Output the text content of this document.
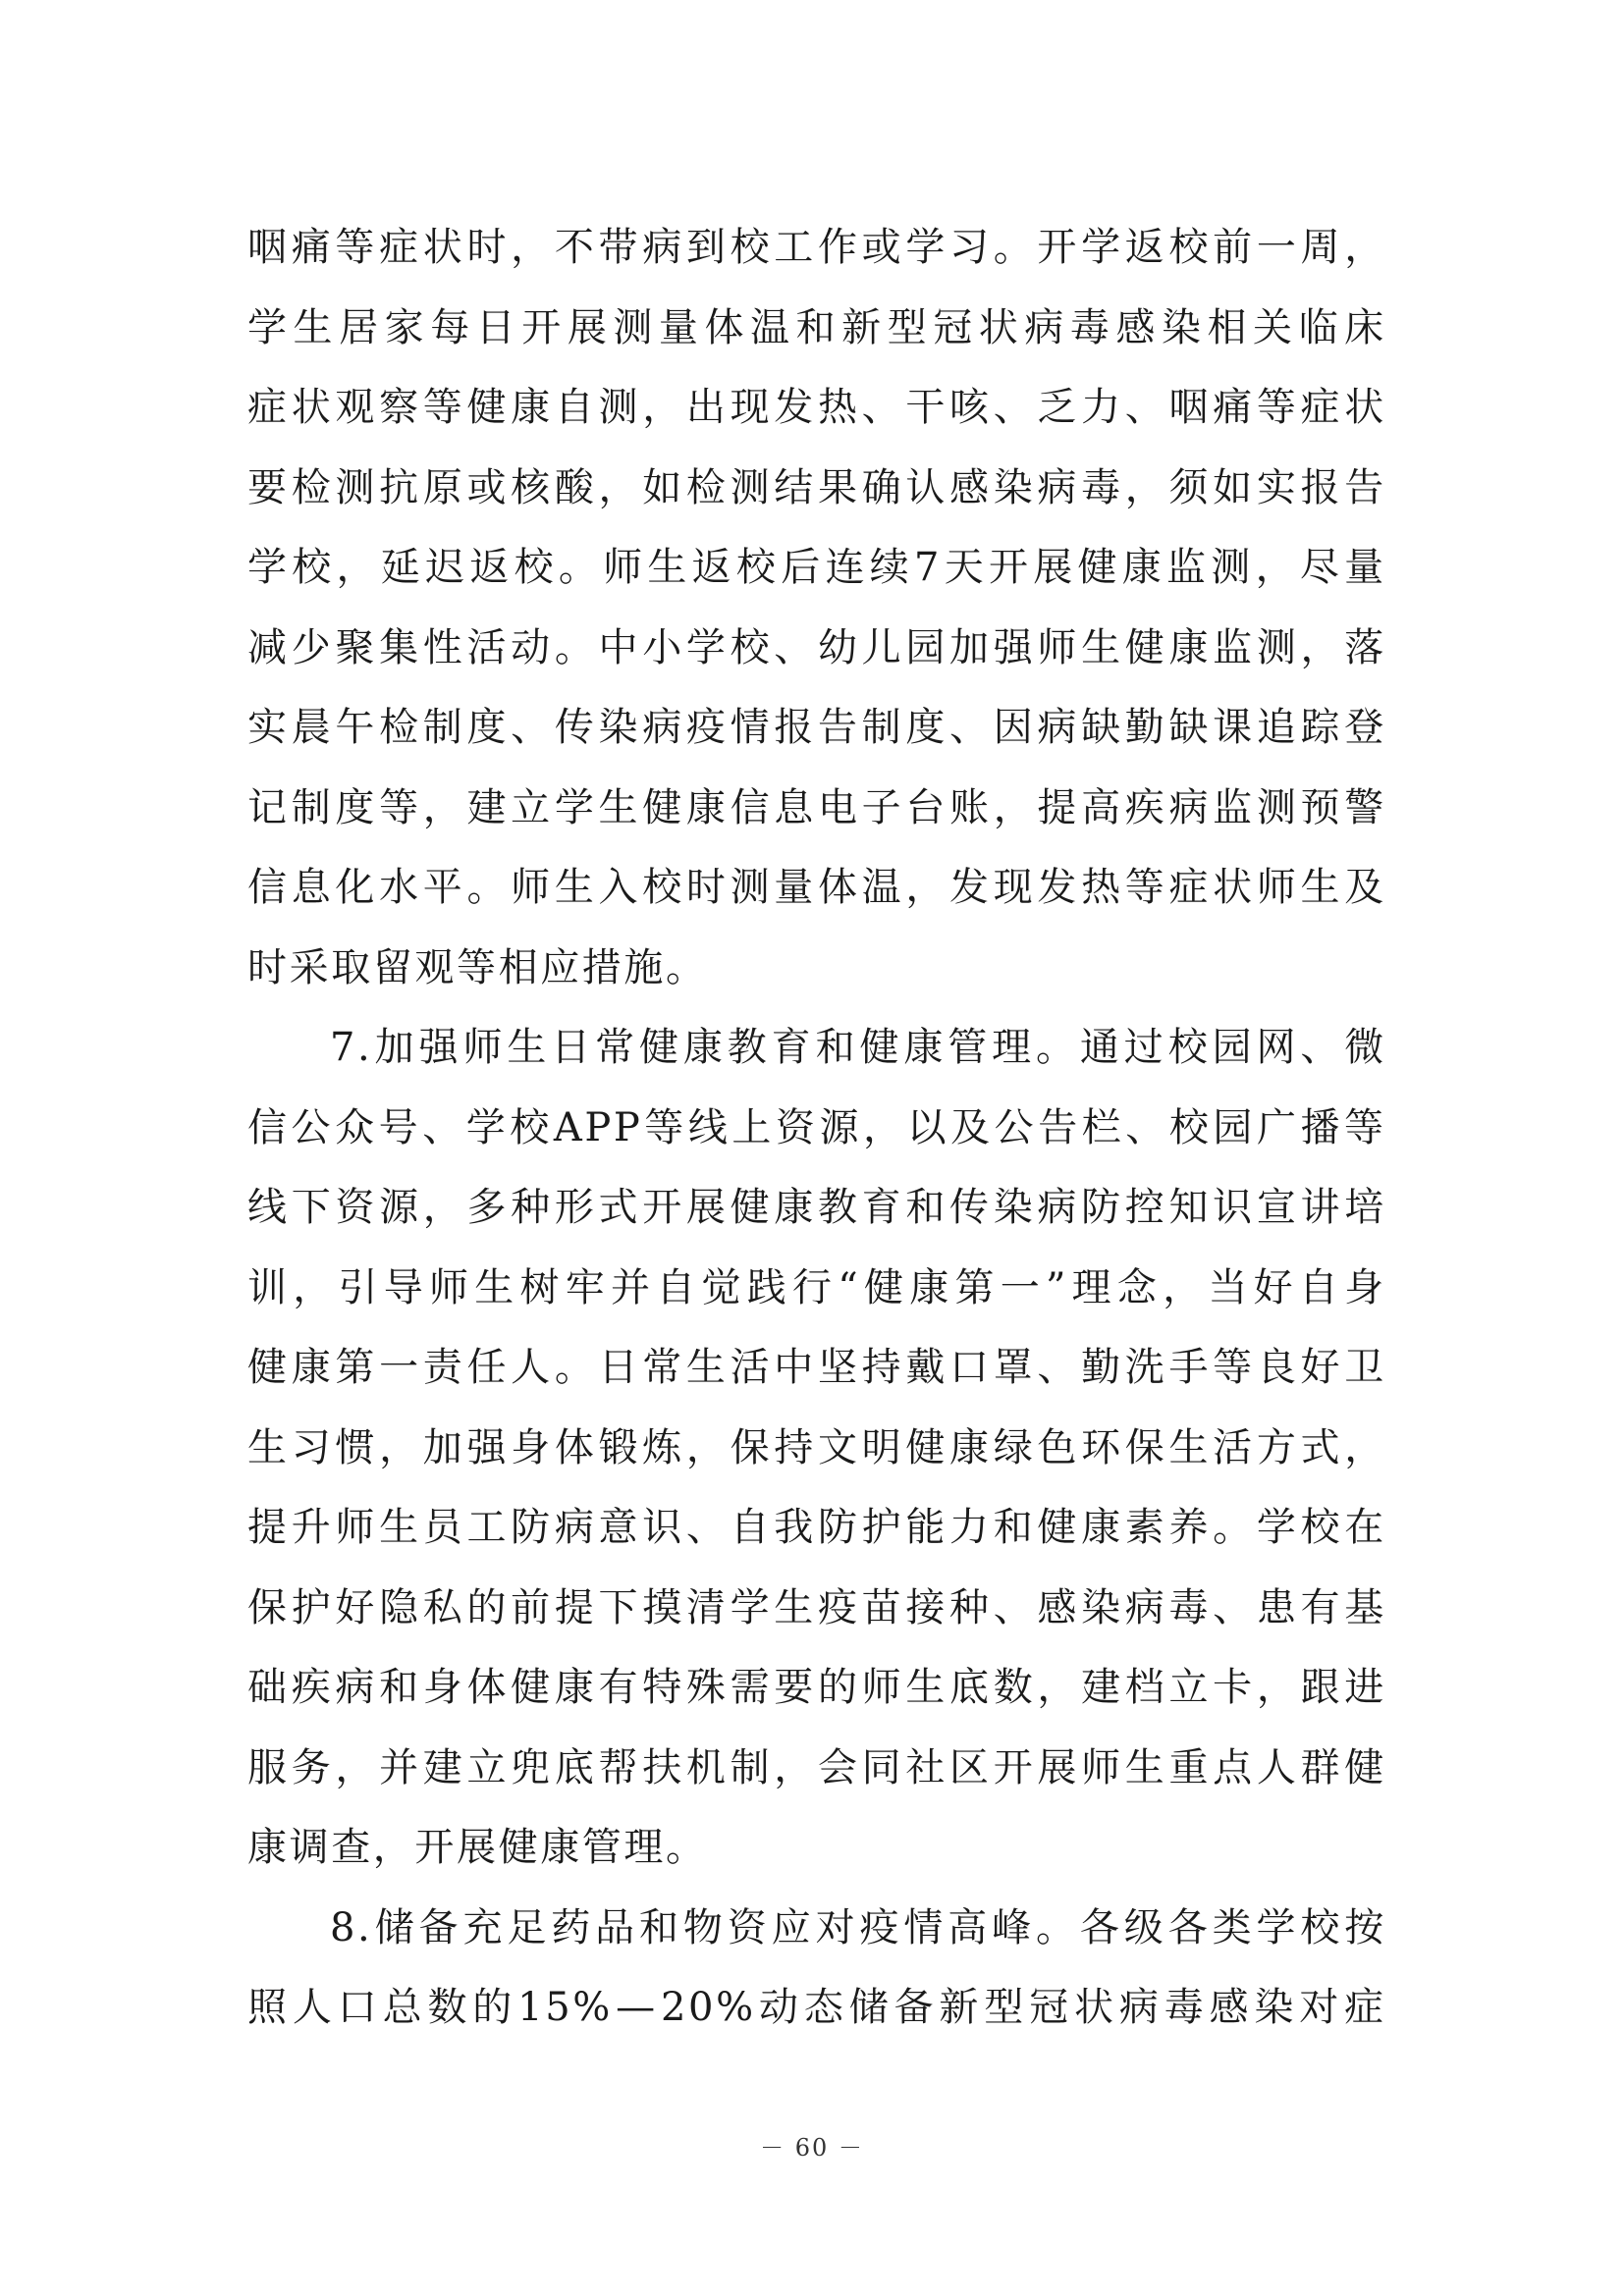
咽 痛 等 症 状 时 ， 不 带 病 到 校 工 作 或 学 习 。 开 学 返 校 前 一 周 ，
学 生 居 家 每 日 开 展 测 量 体 温 和 新 型 冠 状 病 毒 感 染 相 关 临 床
症 状 观 察 等 健 康 自 测 ， 出 现 发 热 、 干 咳 、 乏 力 、 咽 痛 等 症 状
要 检 测 抗 原 或 核 酸 ， 如 检 测 结 果 确 认 感 染 病 毒 ， 须 如 实 报 告
学 校 ， 延 迟 返 校 。 师 生 返 校 后 连 续 7 天 开 展 健 康 监 测 ， 尽 量
减 少 聚 集 性 活 动 。 中 小 学 校 、 幼 儿 园 加 强 师 生 健 康 监 测 ， 落
实 晨 午 检 制 度 、 传 染 病 疫 情 报 告 制 度 、 因 病 缺 勤 缺 课 追 踪 登
记 制 度 等 ， 建 立 学 生 健 康 信 息 电 子 台 账 ， 提 高 疾 病 监 测 预 警
信 息 化 水 平 。 师 生 入 校 时 测 量 体 温 ， 发 现 发 热 等 症 状 师 生 及
时采取留观等相应措施。
7. 加 强 师 生 日 常 健 康 教 育 和 健 康 管 理 。 通 过 校 园 网 、 微
信 公 众 号 、 学 校 APP 等 线 上 资 源 ， 以 及 公 告 栏 、 校 园 广 播 等
线 下 资 源 ， 多 种 形 式 开 展 健 康 教 育 和 传 染 病 防 控 知 识 宣 讲 培
训 ， 引 导 师 生 树 牢 并 自 觉 践 行 “ 健 康 第 一 ” 理 念 ， 当 好 自 身
健 康 第 一 责 任 人 。 日 常 生 活 中 坚 持 戴 口 罩 、 勤 洗 手 等 良 好 卫
生 习 惯 ， 加 强 身 体 锻 炼 ， 保 持 文 明 健 康 绿 色 环 保 生 活 方 式 ，
提 升 师 生 员 工 防 病 意 识 、 自 我 防 护 能 力 和 健 康 素 养 。 学 校 在
保 护 好 隐 私 的 前 提 下 摸 清 学 生 疫 苗 接 种 、 感 染 病 毒 、 患 有 基
础 疾 病 和 身 体 健 康 有 特 殊 需 要 的 师 生 底 数 ， 建 档 立 卡 ， 跟 进
服 务 ， 并 建 立 兜 底 帮 扶 机 制 ， 会 同 社 区 开 展 师 生 重 点 人 群 健
康调查，开展健康管理。
8. 储 备 充 足 药 品 和 物 资 应 对 疫 情 高 峰 。 各 级 各 类 学 校 按
照 人 口 总 数 的 15% — 20% 动 态 储 备 新 型 冠 状 病 毒 感 染 对 症
－ 60 －
